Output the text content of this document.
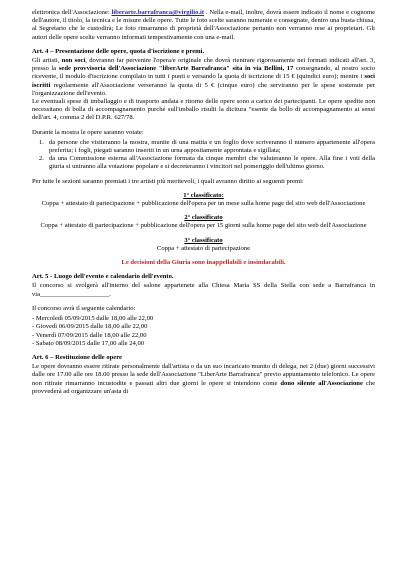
elettronica dell'Associazione: liberarte.barrafranca@virgilio.it . Nella e-mail, inoltre, dovrà essere indicato il nome e cognome dell'autore, il titolo, la tecnica e le misure delle opere. Tutte le foto scelte saranno numerate e consegnate, dentro una busta chiusa, al Segretario che le custodirà; Le foto rimarranno di proprietà dell'Associazione pertanto non verranno rese ai proprietari. Gli autori delle opere scelte verranno informati tempestivamente con una e-mail.

Art. 4 – Presentazione delle opere, quota d'iscrizione e premi.

Gli artisti, non soci, dovranno far pervenire l'opera/e originale che dovrà rientrare rigorosamente nei formati indicati all'art. 3, presso la sede provvisoria dell'Associazione "liberArte Barrafranca" sita in via Bellini, 17 consegnando, al nostro socio ricevente, il modulo d'iscrizione compilato in tutti i punti e versando la quota di iscrizione di 15 € (quindici euro); mentre i soci iscritti regolarmente all'Associazione verseranno la quota di 5 € (cinque euro) che serviranno per le spese sostenute per l'organizzazione dell'evento.

Le eventuali spese di imballaggio e di trasporto andata e ritorno delle opere sono a carico dei partecipanti. Le opere spedite non necessitano di bolla di accompagnamento purché sull'imballo risulti la dicitura "esente da bollo di accompagnamento ai sensi dell'art. 4, comma 2 del D.P.R. 627/78.

Durante la mostra le opere saranno votate:

1. da persone che visiteranno la mostra, munite di una matita e un foglio dove scriveranno il numero appartenente all'opera preferita; i fogli, piegati saranno inseriti in un urna appositamente approntata e sigillata;
2. da una Commissione esterna all'Associazione formata da cinque membri che valuteranno le opere. Alla fine i voti della giuria si uniranno alla votazione popolare e si decreteranno i vincitori nel pomeriggio dell'ultimo giorno.

Per tutte le sezioni saranno premiati i tre artisti più meritevoli, i quali avranno diritto ai seguenti premi:

1° classificato:

Coppa + attestato di partecipazione + pubblicazione dell'opera per un mese sulla home page del sito web dell'Associazione

2° classificato

Coppa + attestato di partecipazione + pubblicazione dell'opera per 15 giorni sulla home page del sito web dell'Associazione

3° classificato

Coppa + attestato di partecipazione

Le decisioni della Giuria sono inappellabili e insindacabili.

Art. 5 - Luogo dell'evento e calendario dell'evento.

Il concorso si svolgerà all'interno del salone appartenete alla Chiesa Maria SS della Stella con sede a Barrafranca in via_____________________.

Il concorso avrà il seguente calendario:

- Mercoledì 05/09/2015 dalle 18,00 alle 22,00
- Giovedì 06/09/2015 dalle 18,00 alle 22,00
- Venerdì 07/09/2015 dalle 18,00 alle 22,00
- Sabato 08/09/2015 dalle 17,00 alle 24,00

Art. 6 – Restituzione delle opere

Le opere dovranno essere ritirate personalmente dall'artista o da un suo incaricato munito di delega, nei 2 (due) giorni successivi dalle ore 17.00 alle ore 18.00 presso la sede dell'Associazione "LiberArte Barrafranca" previo appuntamento telefonico. Le opere non ritirate rimarranno incustodite e passati altri due giorni le opere si intendono come dono silente all'Associazione che provvederà ad organizzare un'asta di
